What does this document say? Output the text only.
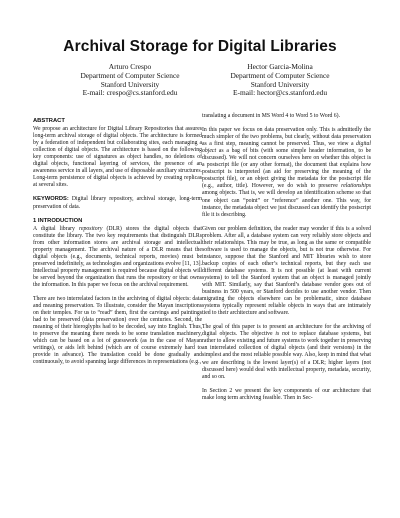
Archival Storage for Digital Libraries
Arturo Crespo
Department of Computer Science
Stanford University
E-mail: crespo@cs.stanford.edu
Hector Garcia-Molina
Department of Computer Science
Stanford University
E-mail: hector@cs.stanford.edu
ABSTRACT

We propose an architecture for Digital Library Repositories that assures long-term archival storage of digital objects. The architecture is formed by a federation of independent but collaborating sites, each managing a collection of digital objects. The architecture is based on the following key components: use of signatures as object handles, no deletions of digital objects, functional layering of services, the presence of an awareness service in all layers, and use of disposable auxiliary structures. Long-term persistence of digital objects is achieved by creating replicas at several sites.

KEYWORDS: Digital library repository, archival storage, long-term preservation of data.

1 INTRODUCTION

A digital library repository (DLR) stores the digital objects that constitute the library. The two key requirements that distinguish DLRs from other information stores are archival storage and intellectual property management. The archival nature of a DLR means that the digital objects (e.g., documents, technical reports, movies) must be preserved indefinitely, as technologies and organizations evolve [11, 13]. Intellectual property management is required because digital objects will be served beyond the organization that runs the repository or that owns the information. In this paper we focus on the archival requirement.

There are two interrelated factors in the archiving of digital objects: data and meaning preservation. To illustrate, consider the Mayan inscriptions on their temples. For us to “read” them, first the carvings and paintings had to be preserved (data preservation) over the centuries. Second, the meaning of their hieroglyphs had to be decoded, say into English. Thus, to preserve the meaning there needs to be some translation machinery, which can be based on a lot of guesswork (as in the case of Mayan writings), or aids left behind (which are of course extremely hard to provide in advance). The translation could be done gradually and continuously, to avoid spanning large differences in representations (e.g.,

translating a document in MS Word 4 to Word 5 to Word 6).

In this paper we focus on data preservation only. This is admittedly the much simpler of the two problems, but clearly, without data preservation as a first step, meaning cannot be preserved. Thus, we view a digital object as a bag of bits (with some simple header information, to be discussed). We will not concern ourselves here on whether this object is a postscript file (or any other format), the document that explains how postscript is interpreted (an aid for preserving the meaning of the postscript file), or an object giving the metadata for the postscript file (e.g., author, title). However, we do wish to preserve relationships among objects. That is, we will develop an identification scheme so that one object can “point” or “reference” another one. This way, for instance, the metadata object we just discussed can identify the postscript file it is describing.

Given our problem definition, the reader may wonder if this is a solved problem. After all, a database system can very reliably store objects and their relationships. This may be true, as long as the same or compatible software is used to manage the objects, but is not true otherwise. For instance, suppose that the Stanford and MIT libraries wish to store backup copies of each other’s technical reports, but they each use different database systems. It is not possible (at least with current systems) to tell the Stanford system that an object is managed jointly with MIT. Similarly, say that Stanford’s database vendor goes out of business in 500 years, or Stanford decides to use another vendor. Then migrating the objects elsewhere can be problematic, since database systems typically represent reliable objects in ways that are intimately tied to their architecture and software.

The goal of this paper is to present an architecture for the archiving of digital objects. The objective is not to replace database systems, but rather to allow existing and future systems to work together in preserving an interrelated collection of digital objects (and their versions) in the simplest and the most reliable possible way. Also, keep in mind that what we are describing is the lowest layer(s) of a DLR; higher layers (not discussed here) would deal with intellectual property, metadata, security, and so on.

In Section 2 we present the key components of our architecture that make long term archiving feasible. Then in Sec-
